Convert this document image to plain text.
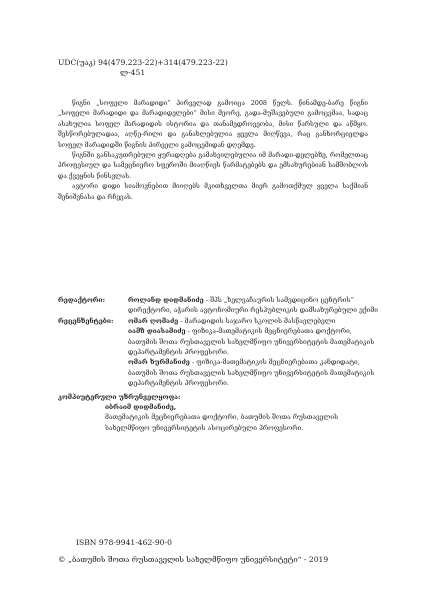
UDC(უაკ) 94(479.223-22)+314(479.223-22)
ლ-451

წიგნი „სოფელი მარადიდი“ პირველად გამოიცა 2008 წელს. წინამდე-ბარე წიგნი „სოფელი მარადიდი და მარადიდელები“ მისი მეორე, გადა-მუშავებული გამოცემაა, სადაც ასახულია სოფელ მარადიდის ისტორია და თანამედროვეობა, მისი წარსული და აწმყო. შესწორებულადაა, აღწე-რილი და განახლებულია ყველა მიღწევა, რაც განხორციელდა სოფელ მარადიდში წიგნის პირველი გამოცემიდან დღემდე.

წიგნში განსაკუთრებული ყურადღება გამახვილებულია იმ მარადი-დელებზე, რომელთაც პროფესიულ და სამეცნიერო სფეროში მიაღწიეს წარმატებებს და ემსახურებიან სამშობლოს და ქვეყნის წინსვლას.

ავტორი დიდი სიამოვნებით მიიღებს მკითხველთა მიერ გამოთქმულ ყველა საქმიან შენიშვნასა და რჩევას.

რედაქტორი:	როლანდ დიდმანიძე - შპს „ხელვაჩაურის სამედიცინო ცენტრის“ დირექტორი, აჭარის ავტონომიური რესპუბლიკის დამსახურებული ექიმი
რეცენზენტები:	ომარ ღომაძე - მარადიდის საჯარო სკოლის მასწავლებელი
იამზ დიასამიძე - ფიზიკა-მათემატიკის მეცნიერებათა დოქტორი, ბათუმის შოთა რუსთაველის სახელმწიფო უნივერსიტეტის მათემატიკის დეპარტამენტის პროფესორი.
ომარ ხურმანიძე - ფიზიკა-მათემატიკის მეცნიერებათა კანდიდატი, ბათუმის შოთა რუსთაველის სახელმწიფო უნივერსიტეტის მათემატიკის დეპარტამენტის პროფესორი.
კომპიუტერული უზრუნველყოფა:
იბრაიმ დიდმანიძე,
მათემატიკის მეცნიერებათა დოქტორი, ბათუმის შოთა რუსთაველის სახელმწიფო უნივერსიტეტის ასოცირებული პროფესორი.
ISBN 978-9941-462-90-0
© „ბათუმის შოთა რუსთაველის სახელმწიფო უნივერსიტეტი“ - 2019
